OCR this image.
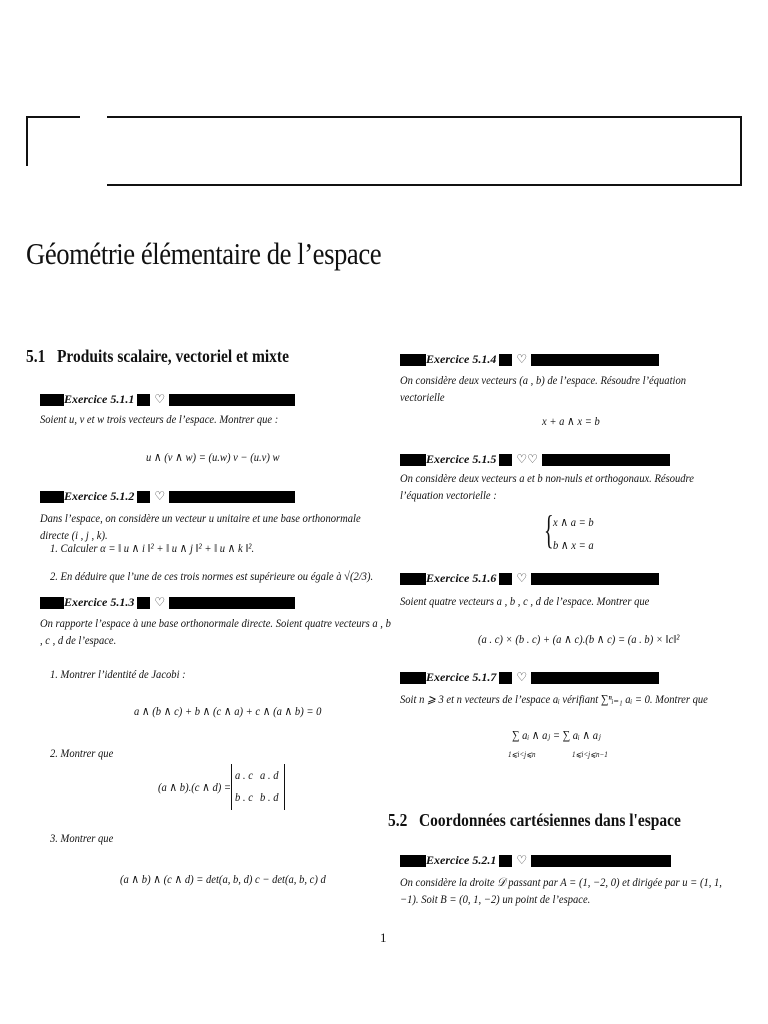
Géométrie élémentaire de l’espace
5.1 Produits scalaire, vectoriel et mixte
Exercice 5.1.1 ♡
Soient u, v et w trois vecteurs de l’espace. Montrer que :
u ∧ (v ∧ w) = (u.w) v − (u.v) w
Exercice 5.1.2 ♡
Dans l’espace, on considère un vecteur u unitaire et une base orthonormale directe (i , j , k).
1. Calculer α = ‖ u ∧ i ‖² + ‖ u ∧ j ‖² + ‖ u ∧ k ‖².
2. En déduire que l’une de ces trois normes est supérieure ou égale à √(2/3).
Exercice 5.1.3 ♡
On rapporte l’espace à une base orthonormale directe. Soient quatre vecteurs a , b , c , d de l’espace.
1. Montrer l’identité de Jacobi :
a ∧ (b ∧ c) + b ∧ (c ∧ a) + c ∧ (a ∧ b) = 0
2. Montrer que
(a ∧ b).(c ∧ d) =
a . c a . d
b . c b . d
3. Montrer que
(a ∧ b) ∧ (c ∧ d) = det(a, b, d) c − det(a, b, c) d
Exercice 5.1.4 ♡
On considère deux vecteurs (a , b) de l’espace. Résoudre l’équation vectorielle
x + a ∧ x = b
Exercice 5.1.5 ♡♡
On considère deux vecteurs a et b non-nuls et orthogonaux. Résoudre l’équation vectorielle :
{ x ∧ a = b
b ∧ x = a
Exercice 5.1.6 ♡
Soient quatre vecteurs a , b , c , d de l’espace. Montrer que
(a . c) × (b . c) + (a ∧ c).(b ∧ c) = (a . b) × ‖c‖²
Exercice 5.1.7 ♡
Soit n ⩾ 3 et n vecteurs de l’espace aᵢ vérifiant ∑ⁿᵢ₌₁ aᵢ = 0. Montrer que
∑ aᵢ ∧ aⱼ = ∑ aᵢ ∧ aⱼ
1⩽i<j⩽n	1⩽i<j⩽n−1
5.2 Coordonnées cartésiennes dans l'espace
Exercice 5.2.1 ♡
On considère la droite 𝒟 passant par A = (1, −2, 0) et dirigée par u = (1, 1, −1). Soit B = (0, 1, −2) un point de l’espace.
1
